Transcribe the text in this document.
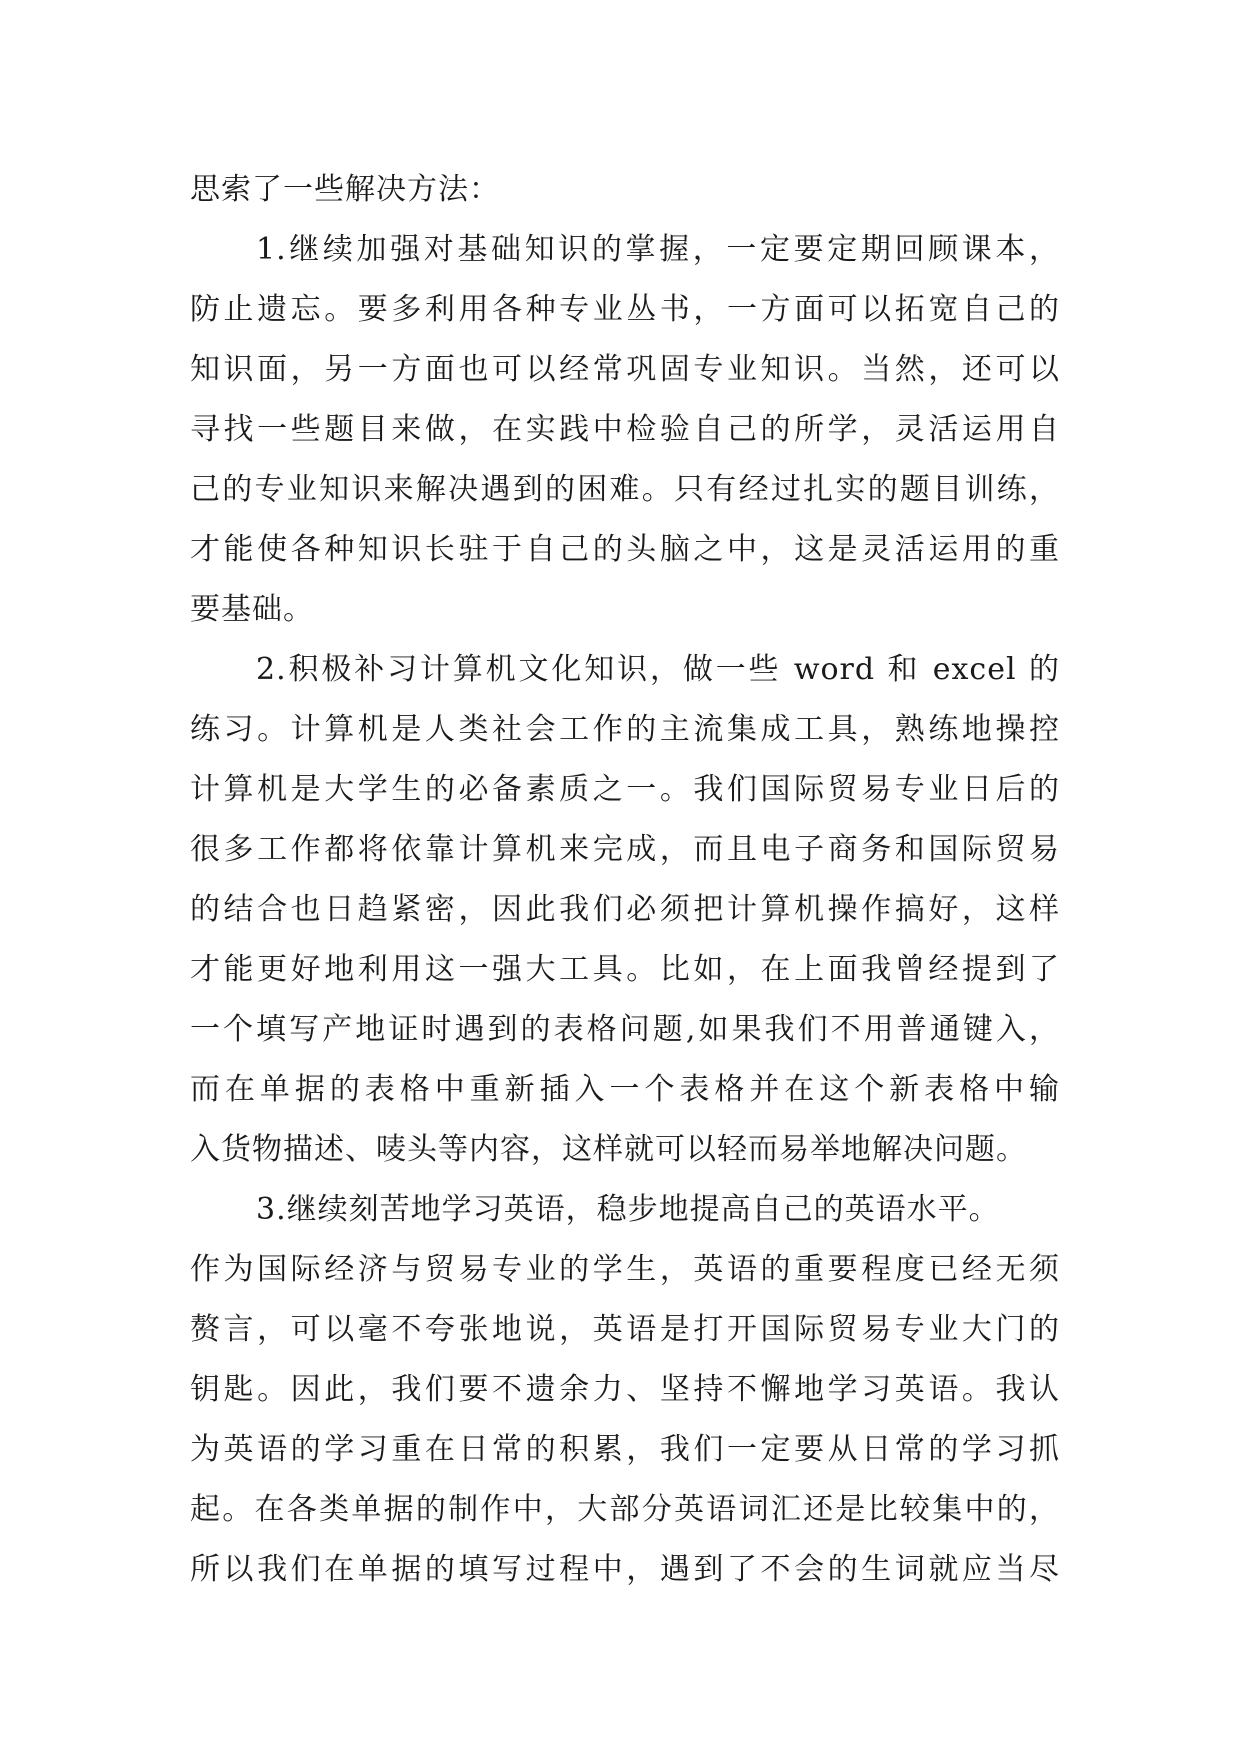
思索了一些解决方法：
1.继续加强对基础知识的掌握，一定要定期回顾课本，
防止遗忘。要多利用各种专业丛书，一方面可以拓宽自己的
知识面，另一方面也可以经常巩固专业知识。当然，还可以
寻找一些题目来做，在实践中检验自己的所学，灵活运用自
己的专业知识来解决遇到的困难。只有经过扎实的题目训练，
才能使各种知识长驻于自己的头脑之中，这是灵活运用的重
要基础。
2.积极补习计算机文化知识，做一些 word 和 excel 的
练习。计算机是人类社会工作的主流集成工具，熟练地操控
计算机是大学生的必备素质之一。我们国际贸易专业日后的
很多工作都将依靠计算机来完成，而且电子商务和国际贸易
的结合也日趋紧密，因此我们必须把计算机操作搞好，这样
才能更好地利用这一强大工具。比如，在上面我曾经提到了
一个填写产地证时遇到的表格问题,如果我们不用普通键入，
而在单据的表格中重新插入一个表格并在这个新表格中输
入货物描述、唛头等内容，这样就可以轻而易举地解决问题。
3.继续刻苦地学习英语，稳步地提高自己的英语水平。
作为国际经济与贸易专业的学生，英语的重要程度已经无须
赘言，可以毫不夸张地说，英语是打开国际贸易专业大门的
钥匙。因此，我们要不遗余力、坚持不懈地学习英语。我认
为英语的学习重在日常的积累，我们一定要从日常的学习抓
起。在各类单据的制作中，大部分英语词汇还是比较集中的，
所以我们在单据的填写过程中，遇到了不会的生词就应当尽
